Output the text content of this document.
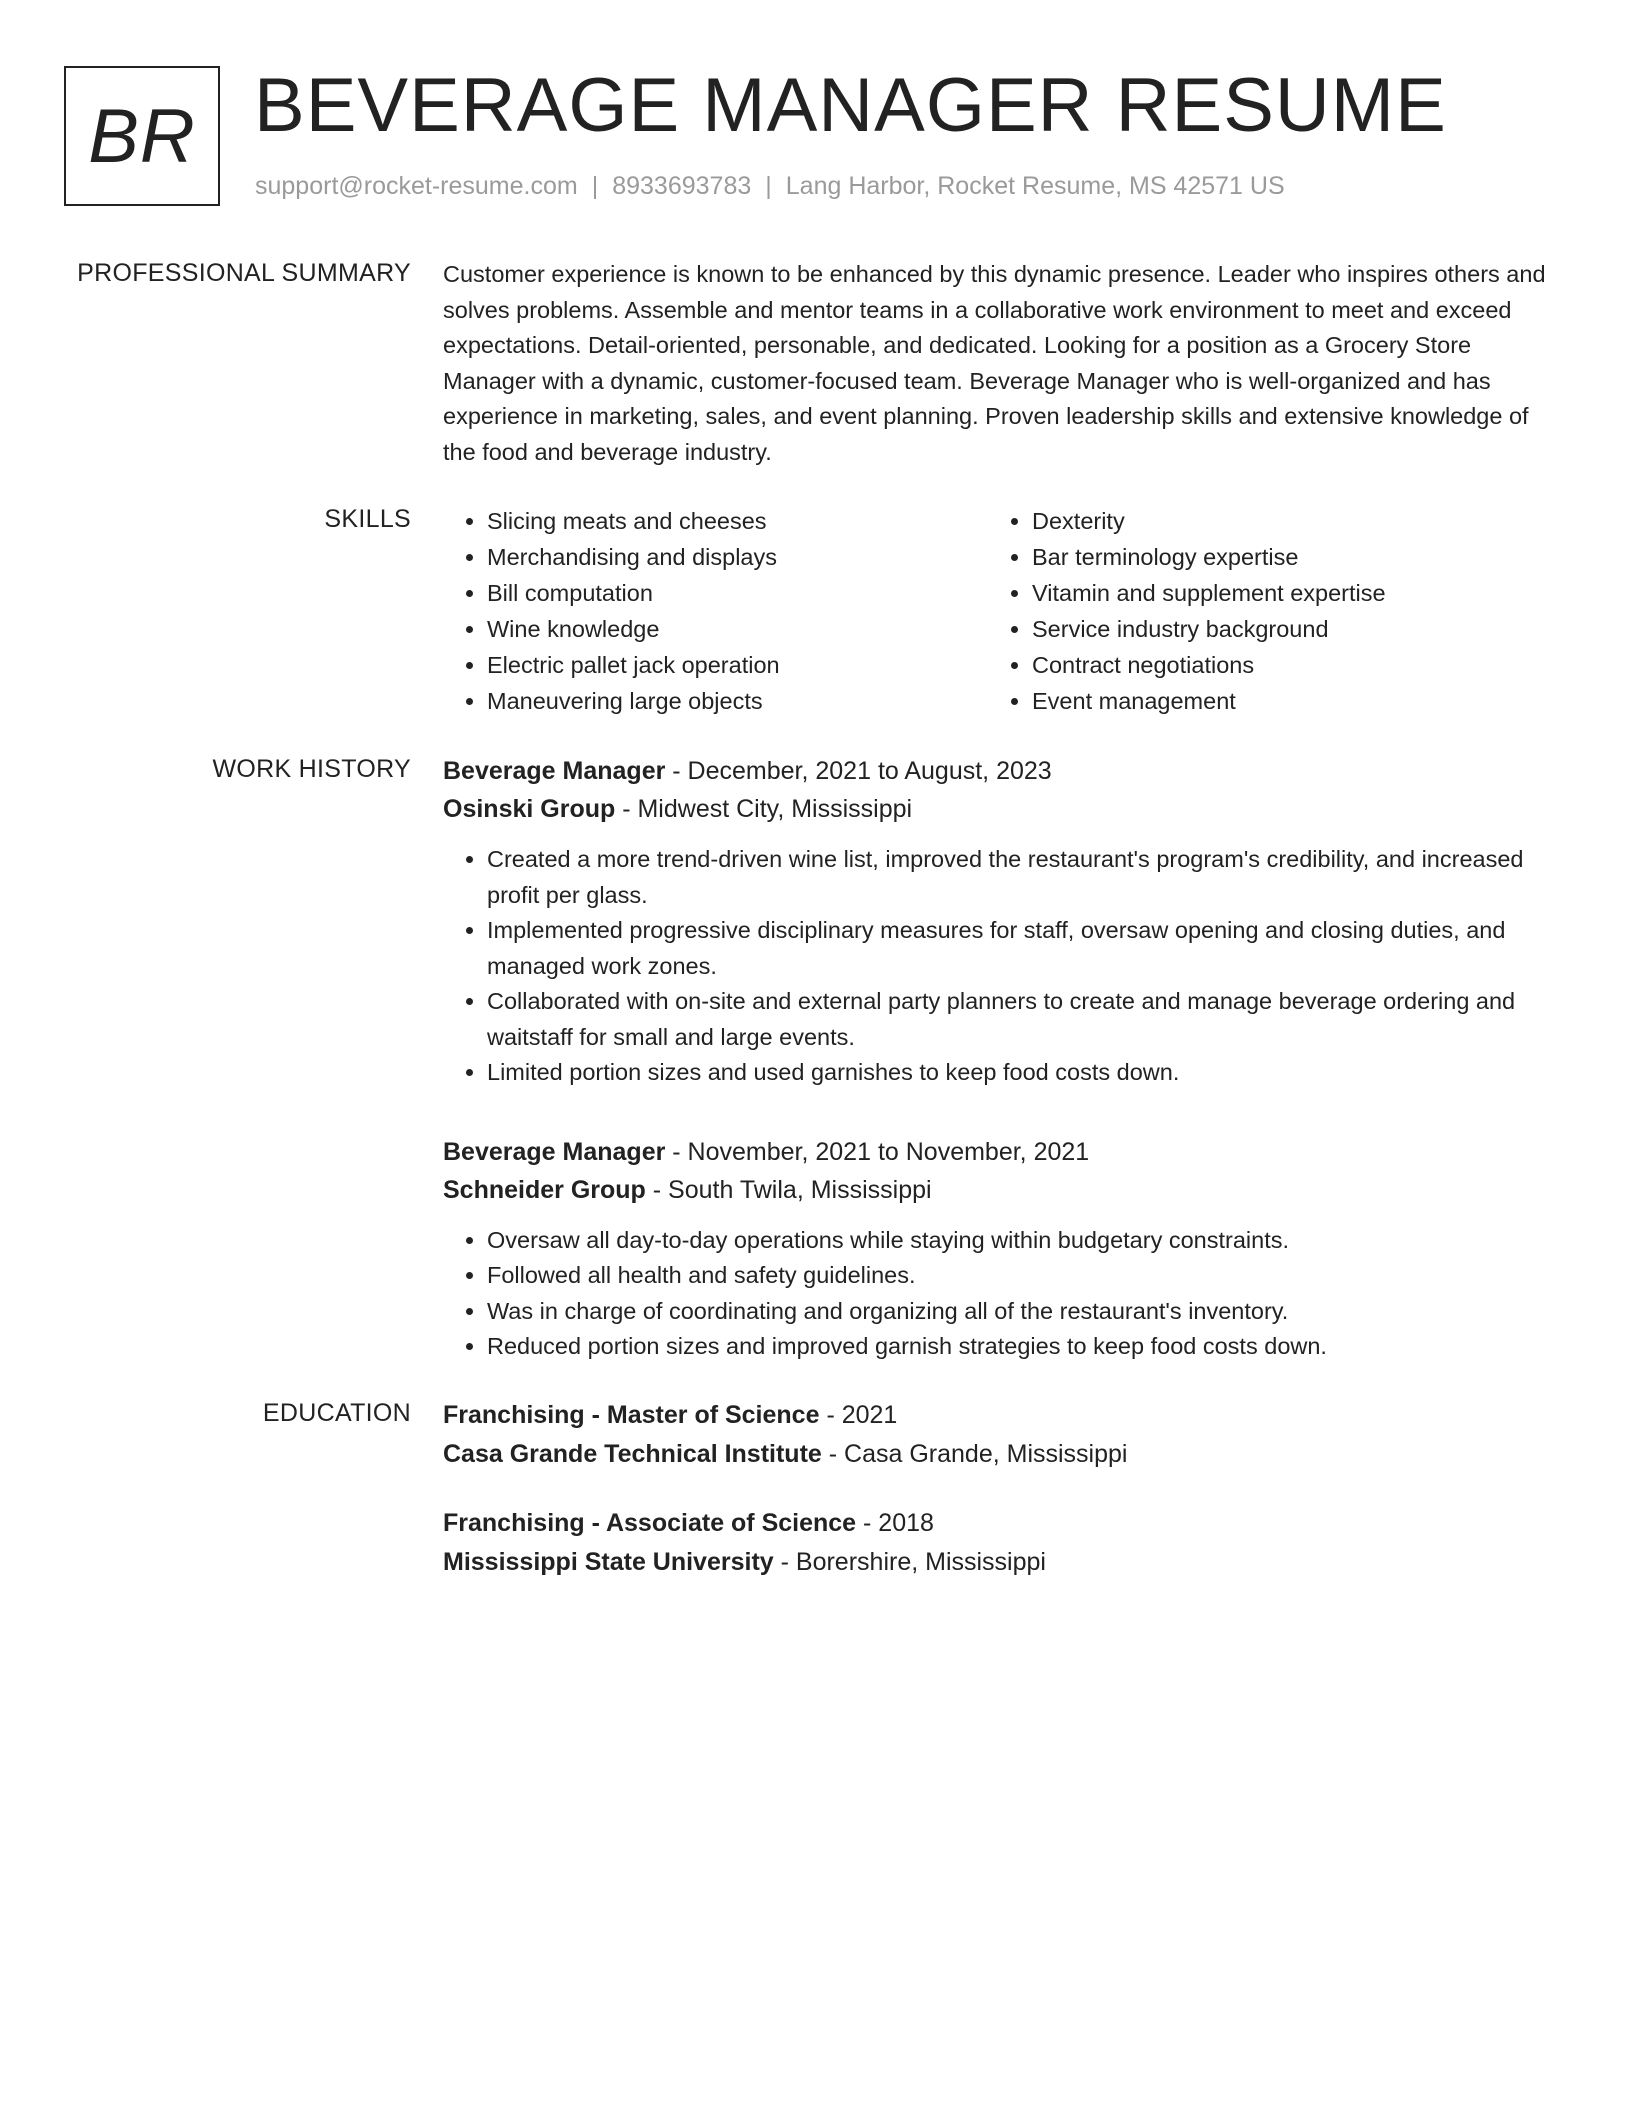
BR BEVERAGE MANAGER RESUME
support@rocket-resume.com | 8933693783 | Lang Harbor, Rocket Resume, MS 42571 US
PROFESSIONAL SUMMARY Customer experience is known to be enhanced by this dynamic presence. Leader who inspires others and solves problems. Assemble and mentor teams in a collaborative work environment to meet and exceed expectations. Detail-oriented, personable, and dedicated. Looking for a position as a Grocery Store Manager with a dynamic, customer-focused team. Beverage Manager who is well-organized and has experience in marketing, sales, and event planning. Proven leadership skills and extensive knowledge of the food and beverage industry.

SKILLS
•	Slicing meats and cheeses
• Merchandising and displays
• Bill computation
• Wine knowledge
• Electric pallet jack operation
• Maneuvering large objects
• Dexterity
• Bar terminology expertise
• Vitamin and supplement expertise
• Service industry background
• Contract negotiations
• Event management
WORK HISTORY Beverage Manager - December, 2021 to August, 2023
Osinski Group - Midwest City, Mississippi
• Created a more trend-driven wine list, improved the restaurant's program's credibility, and increased profit per glass.
• Implemented progressive disciplinary measures for staff, oversaw opening and closing duties, and managed work zones.
• Collaborated with on-site and external party planners to create and manage beverage ordering and waitstaff for small and large events.
• Limited portion sizes and used garnishes to keep food costs down.
Beverage Manager - November, 2021 to November, 2021
Schneider Group - South Twila, Mississippi
• Oversaw all day-to-day operations while staying within budgetary constraints.
• Followed all health and safety guidelines.
• Was in charge of coordinating and organizing all of the restaurant's inventory.
• Reduced portion sizes and improved garnish strategies to keep food costs down.
EDUCATION Franchising - Master of Science - 2021
Casa Grande Technical Institute - Casa Grande, Mississippi
Franchising - Associate of Science - 2018
Mississippi State University - Borershire, Mississippi
